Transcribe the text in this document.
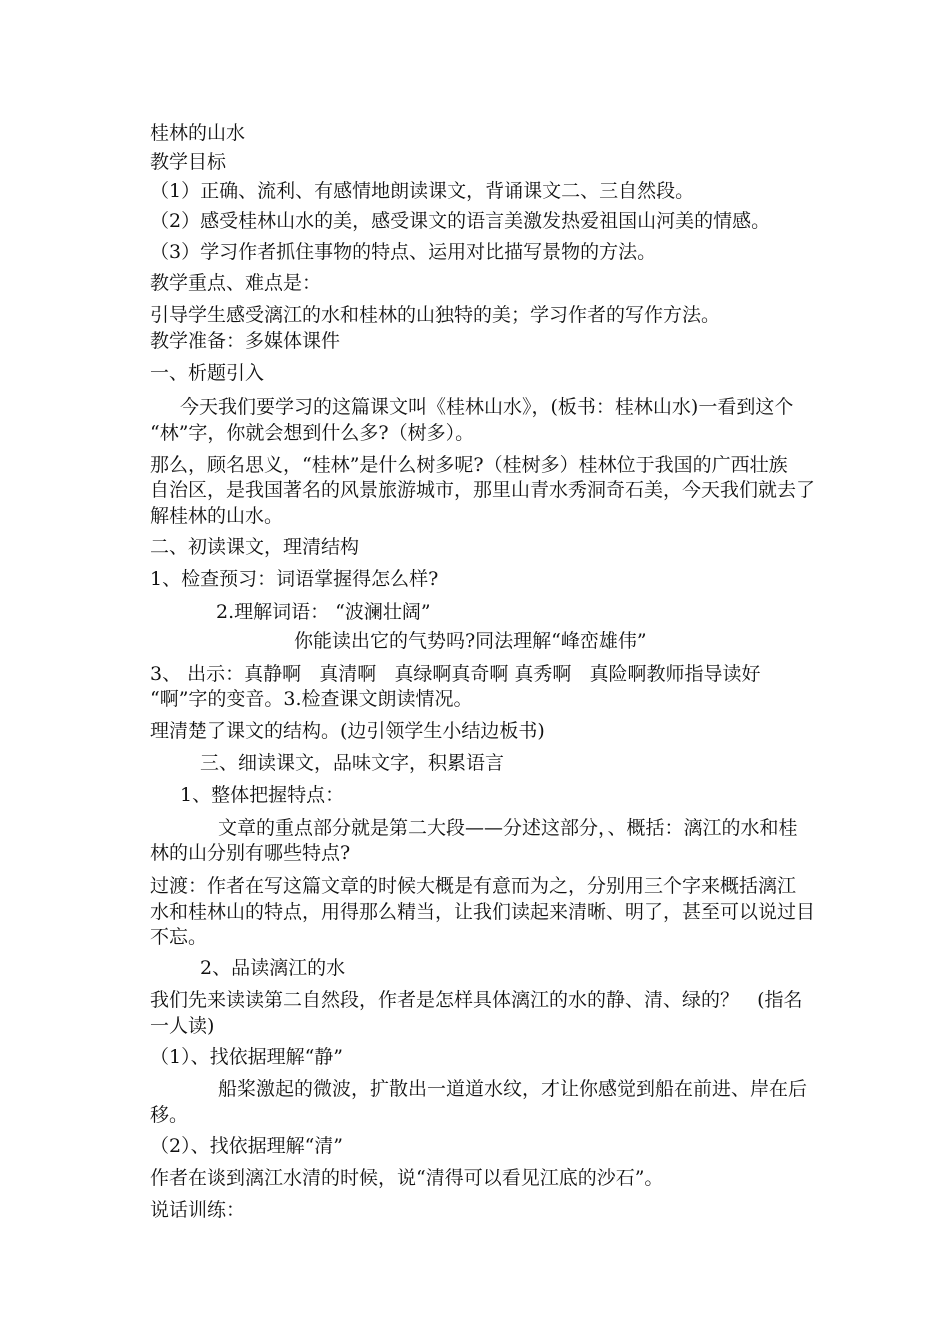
桂林的山水
教学目标
（1）正确、流利、有感情地朗读课文，背诵课文二、三自然段。
（2）感受桂林山水的美，感受课文的语言美激发热爱祖国山河美的情感。
（3）学习作者抓住事物的特点、运用对比描写景物的方法。
教学重点、难点是：
引导学生感受漓江的水和桂林的山独特的美；学习作者的写作方法。
教学准备：多媒体课件
一、析题引入
今天我们要学习的这篇课文叫《桂林山水》，(板书：桂林山水)一看到这个
“林”字，你就会想到什么多?（树多）。
那么，顾名思义，“桂林”是什么树多呢?（桂树多）桂林位于我国的广西壮族
自治区，是我国著名的风景旅游城市，那里山青水秀洞奇石美，今天我们就去了
解桂林的山水。
二、初读课文，理清结构
1、检查预习：词语掌握得怎么样?
2.理解词语： “波澜壮阔”
你能读出它的气势吗?同法理解“峰峦雄伟”
3、 出示：真静啊   真清啊   真绿啊真奇啊 真秀啊   真险啊教师指导读好
“啊”字的变音。3.检查课文朗读情况。
理清楚了课文的结构。(边引领学生小结边板书)
三、细读课文，品味文字，积累语言
1、整体把握特点：
文章的重点部分就是第二大段——分述这部分，、概括：漓江的水和桂
林的山分别有哪些特点?
过渡：作者在写这篇文章的时候大概是有意而为之，分别用三个字来概括漓江
水和桂林山的特点，用得那么精当，让我们读起来清晰、明了，甚至可以说过目
不忘。
2、品读漓江的水
我们先来读读第二自然段，作者是怎样具体漓江的水的静、清、绿的？   (指名
一人读)
（1）、找依据理解“静”
船桨激起的微波，扩散出一道道水纹，才让你感觉到船在前进、岸在后
移。
（2）、找依据理解“清”
作者在谈到漓江水清的时候，说“清得可以看见江底的沙石”。
说话训练：
